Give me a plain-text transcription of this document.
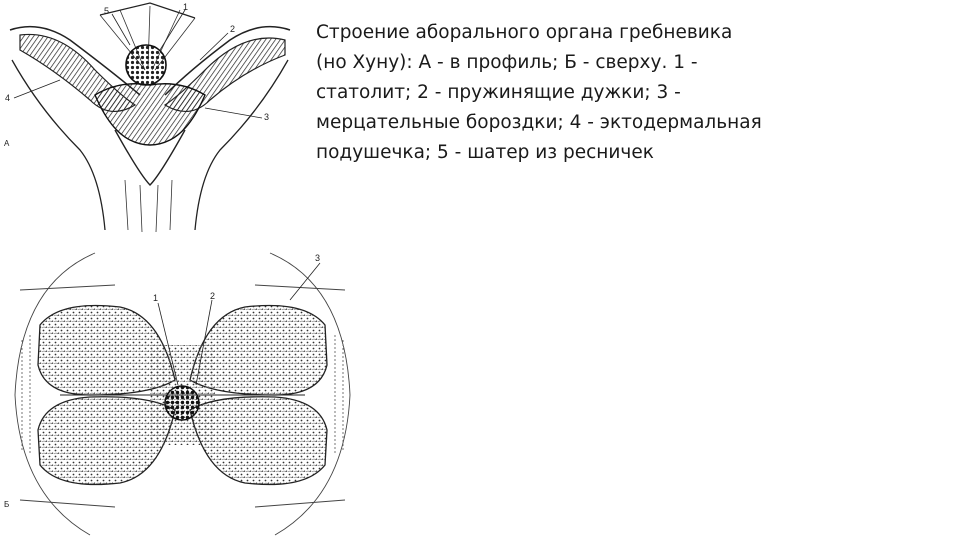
5	1
2
4
3
А
1	2
3
Б
Строение аборального органа гребневика
(но Хуну): А - в профиль; Б - сверху. 1 -
статолит; 2 - пружинящие дужки; 3 -
мерцательные бороздки; 4 - эктодермальная
подушечка; 5 - шатер из ресничек
